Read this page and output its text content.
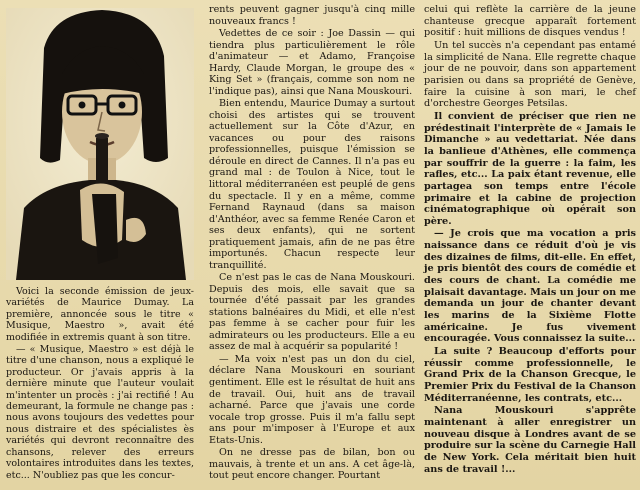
Voici la seconde émission de jeux-variétés de Maurice Dumay. La première, annoncée sous le titre « Musique, Maestro », avait été modifiée in extremis quant à son titre.

— « Musique, Maestro » est déjà le titre d'une chanson, nous a expliqué le producteur. Or j'avais appris à la dernière minute que l'auteur voulait m'intenter un procès : j'ai rectifié ! Au demeurant, la formule ne change pas : nous avons toujours des vedettes pour nous distraire et des spécialistes ès variétés qui devront reconnaître des chansons, relever des erreurs volontaires introduites dans les textes, etc... N'oubliez pas que les concur-

rents peuvent gagner jusqu'à cinq mille nouveaux francs !

Vedettes de ce soir : Joe Dassin — qui tiendra plus particulièrement le rôle d'animateur — et Adamo, Françoise Hardy, Claude Morgan, le groupe des « King Set » (français, comme son nom ne l'indique pas), ainsi que Nana Mouskouri.

Bien entendu, Maurice Dumay a surtout choisi des artistes qui se trouvent actuellement sur la Côte d'Azur, en vacances ou pour des raisons professionnelles, puisque l'émission se déroule en direct de Cannes. Il n'a pas eu grand mal : de Toulon à Nice, tout le littoral méditerranéen est peuplé de gens du spectacle. Il y en a même, comme Fernand Raynaud (dans sa maison d'Anthéor, avec sa femme Renée Caron et ses deux enfants), qui ne sortent pratiquement jamais, afin de ne pas être importunés. Chacun respecte leur tranquillité.

Ce n'est pas le cas de Nana Mouskouri. Depuis des mois, elle savait que sa tournée d'été passait par les grandes stations balnéaires du Midi, et elle n'est pas femme à se cacher pour fuir les admirateurs ou les producteurs. Elle a eu assez de mal à acquérir sa popularité !

— Ma voix n'est pas un don du ciel, déclare Nana Mouskouri en souriant gentiment. Elle est le résultat de huit ans de travail. Oui, huit ans de travail acharné. Parce que j'avais une corde vocale trop grosse. Puis il m'a fallu sept ans pour m'imposer à l'Europe et aux Etats-Unis.

On ne dresse pas de bilan, bon ou mauvais, à trente et un ans. A cet âge-là, tout peut encore changer. Pourtant

celui qui reflète la carrière de la jeune chanteuse grecque apparaît fortement positif : huit millions de disques vendus !

Un tel succès n'a cependant pas entamé la simplicité de Nana. Elle regrette chaque jour de ne pouvoir, dans son appartement parisien ou dans sa propriété de Genève, faire la cuisine à son mari, le chef d'orchestre Georges Petsilas.

Il convient de préciser que rien ne prédestinait l'interprète de « Jamais le Dimanche » au vedettariat. Née dans la banlieue d'Athènes, elle commença par souffrir de la guerre : la faim, les rafles, etc... La paix étant revenue, elle partagea son temps entre l'école primaire et la cabine de projection cinématographique où opérait son père.

— Je crois que ma vocation a pris naissance dans ce réduit d'où je vis des dizaines de films, dit-elle. En effet, je pris bientôt des cours de comédie et des cours de chant. La comédie me plaisait davantage. Mais un jour on me demanda un jour de chanter devant les marins de la Sixième Flotte américaine. Je fus vivement encouragée. Vous connaissez la suite...

La suite ? Beaucoup d'efforts pour réussir comme professionnelle, le Grand Prix de la Chanson Grecque, le Premier Prix du Festival de la Chanson Méditerranéenne, les contrats, etc...

Nana Mouskouri s'apprête maintenant à aller enregistrer un nouveau disque à Londres avant de se produire sur la scène du Carnegie Hall de New York. Cela méritait bien huit ans de travail !...
